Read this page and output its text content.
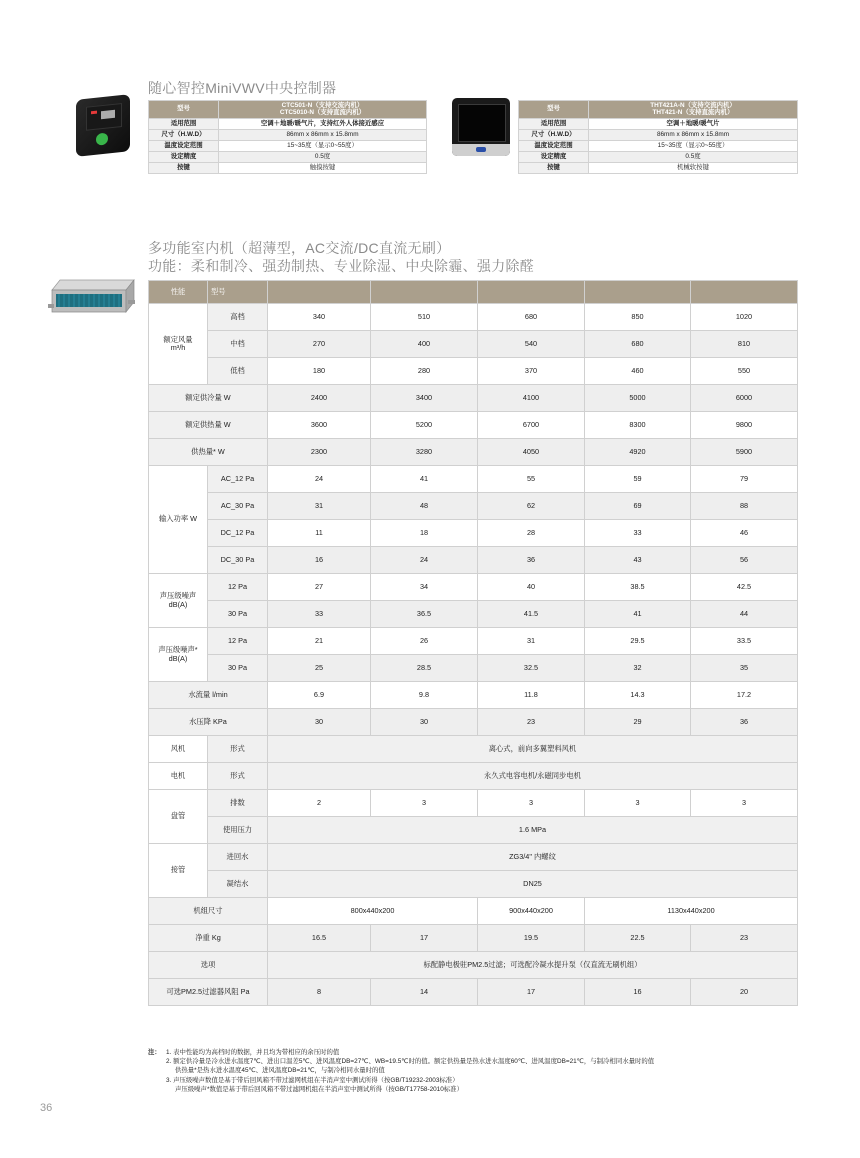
随心智控MiniVWV中央控制器
型号	CTC501-N（支持交流内机）
CTC5010-N（支持直流内机）

适用范围	空调＋地暖/暖气片，支持红外人体接近感应
尺寸（H.W.D）	86mm x 86mm x 15.8mm
温度设定范围	15~35度（显示0~55度）
设定精度	0.5度
按键	触摸按键
型号	THT421A-N（支持交流内机）
THT421-N（支持直流内机）

适用范围	空调＋地暖/暖气片
尺寸（H.W.D）	86mm x 86mm x 15.8mm
温度设定范围	15~35度（显示0~55度）
设定精度	0.5度
按键	机械软按键
多功能室内机（超薄型，AC交流/DC直流无刷）
功能：柔和制冷、强劲制热、专业除湿、中央除霾、强力除醛
性能	型号					

额定风量
m³/h	高档	340	510	680	850	1020
	中档	270	400	540	680	810
	低档	180	280	370	460	550
额定供冷量 W		2400	3400	4100	5000	6000
额定供热量 W		3600	5200	6700	8300	9800
供热量* W		2300	3280	4050	4920	5900
输入功率 W	AC_12 Pa	24	41	55	59	79
	AC_30 Pa	31	48	62	69	88
	DC_12 Pa	11	18	28	33	46
	DC_30 Pa	16	24	36	43	56

声压级噪声
dB(A)	12 Pa	27	34	40	38.5	42.5
	30 Pa	33	36.5	41.5	41	44

声压级噪声*
dB(A)	12 Pa	21	26	31	29.5	33.5
	30 Pa	25	28.5	32.5	32	35
水流量 l/min		6.9	9.8	11.8	14.3	17.2
水压降 KPa		30	30	23	29	36
风机	形式	离心式，前向多翼塑料风机				
电机	形式	永久式电容电机/永磁同步电机				
盘管	排数	2	3	3	3	3
	使用压力	1.6 MPa				
接管	进回水	ZG3/4" 内螺纹				
	凝结水	DN25				
机组尺寸		800x440x200		900x440x200	1130x440x200	
净重 Kg		16.5	17	19.5	22.5	23
选项		标配静电极驻PM2.5过滤；可选配冷凝水提升泵（仅直流无刷机组）				
可选PM2.5过滤器风阻 Pa		8	14	17	16	20
注： 1. 表中性能均为高档时的数据，并且均为带相应的余压时的值
2. 额定供冷量是冷水进水温度7℃、进出口温差5℃、进风温度DB=27℃、WB=19.5℃时的值。额定供热量是热水进水温度60℃、进风温度DB=21℃，与制冷相同水量时的值
供热量*是热水进水温度45℃、进风温度DB=21℃，与制冷相同水量时的值
3. 声压级噪声数值是基于带后回风箱不带过滤网机组在半消声室中测试所得（按GB/T19232-2003标准）
声压级噪声*数值是基于带后回风箱不带过滤网机组在半消声室中测试所得（按GB/T17758-2010标准）
36
